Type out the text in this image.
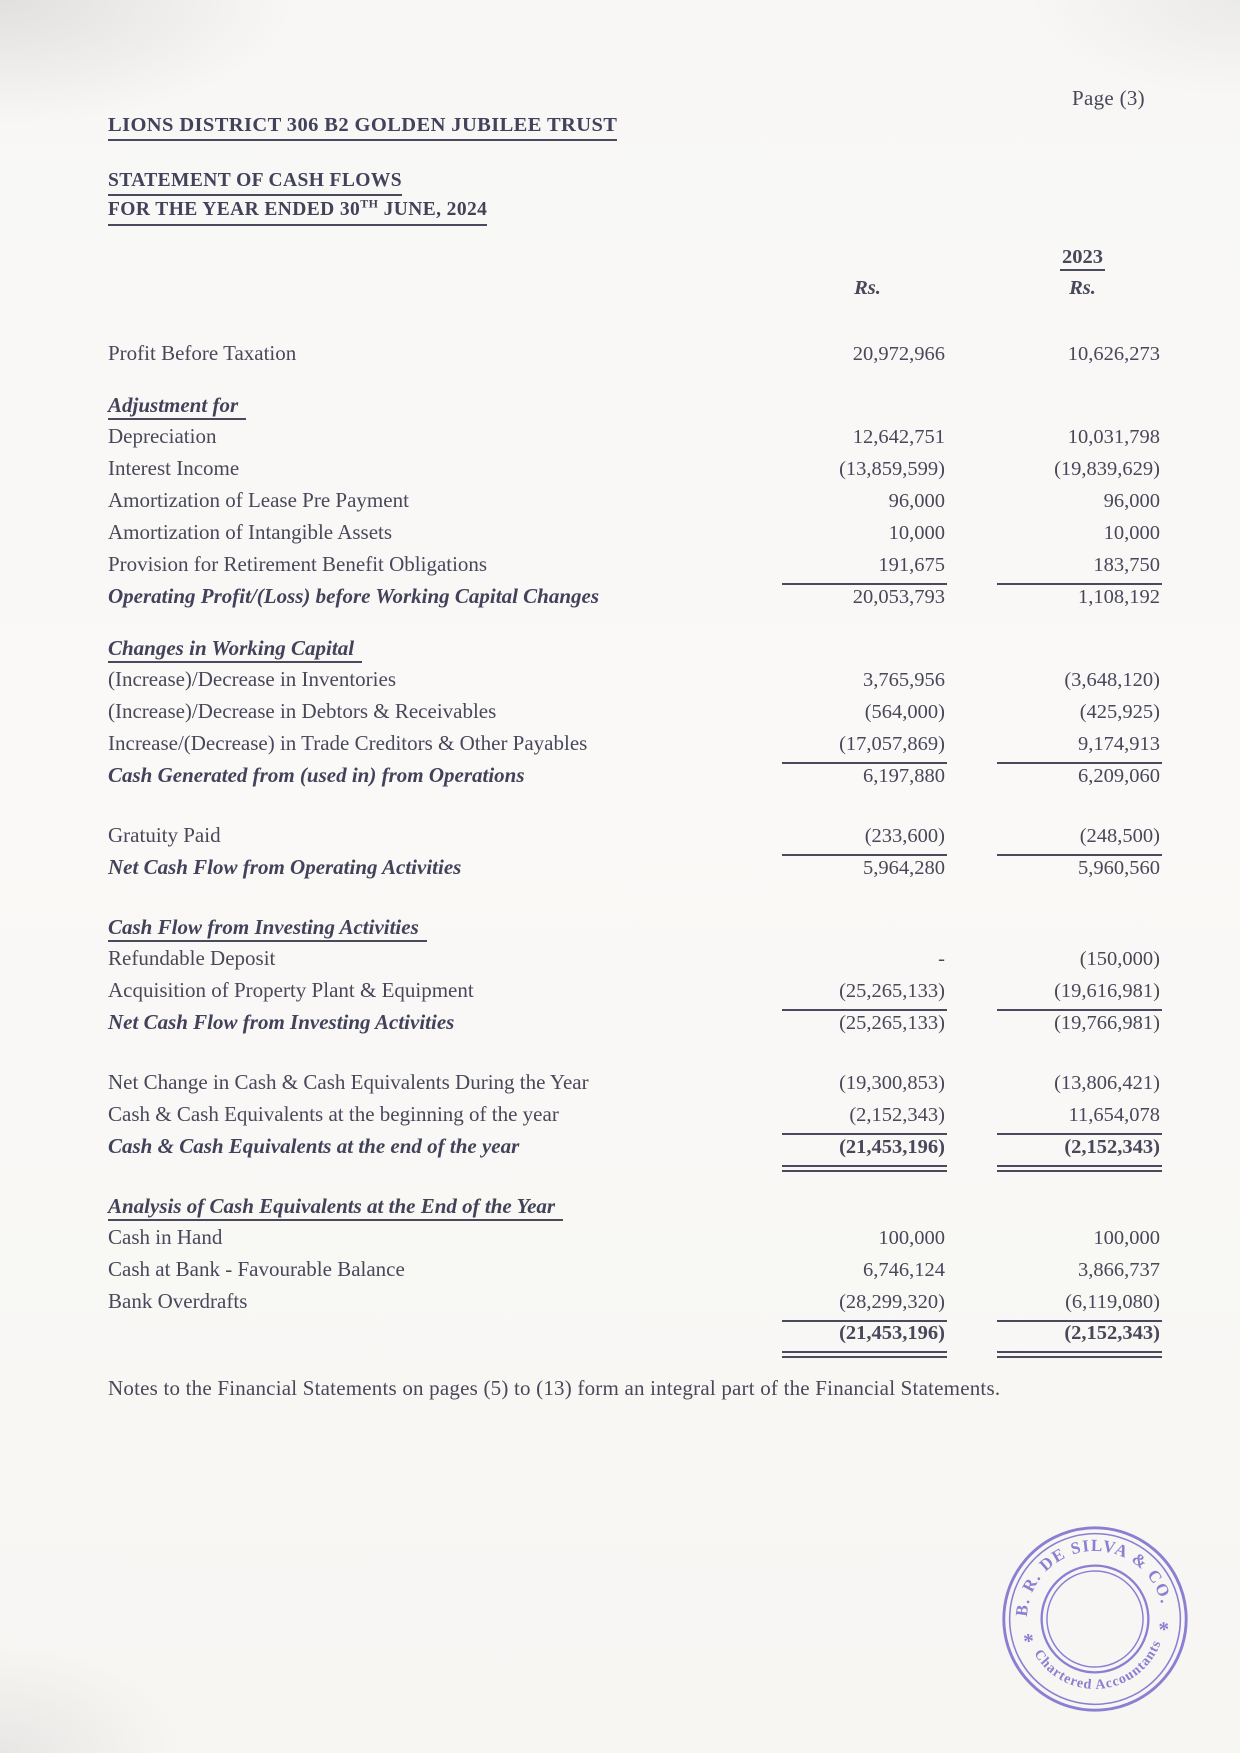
Page (3)
LIONS DISTRICT 306 B2 GOLDEN JUBILEE TRUST
STATEMENT OF CASH FLOWS
FOR THE YEAR ENDED 30TH JUNE, 2024
2023
Rs.	Rs.
Profit Before Taxation	20,972,966	10,626,273
Adjustment for
Depreciation	12,642,751	10,031,798
Interest Income	(13,859,599)	(19,839,629)
Amortization of Lease Pre Payment	96,000	96,000
Amortization of Intangible Assets	10,000	10,000
Provision for Retirement Benefit Obligations	191,675	183,750
Operating Profit/(Loss) before Working Capital Changes	20,053,793	1,108,192
Changes in Working Capital
(Increase)/Decrease in Inventories	3,765,956	(3,648,120)
(Increase)/Decrease in Debtors & Receivables	(564,000)	(425,925)
Increase/(Decrease) in Trade Creditors & Other Payables	(17,057,869)	9,174,913
Cash Generated from (used in) from Operations	6,197,880	6,209,060
Gratuity Paid	(233,600)	(248,500)
Net Cash Flow from Operating Activities	5,964,280	5,960,560
Cash Flow from Investing Activities
Refundable Deposit	-	(150,000)
Acquisition of Property Plant & Equipment	(25,265,133)	(19,616,981)
Net Cash Flow from Investing Activities	(25,265,133)	(19,766,981)
Net Change in Cash & Cash Equivalents During the Year	(19,300,853)	(13,806,421)
Cash & Cash Equivalents at the beginning of the year	(2,152,343)	11,654,078
Cash & Cash Equivalents at the end of the year	(21,453,196)	(2,152,343)
Analysis of Cash Equivalents at the End of the Year
Cash in Hand	100,000	100,000
Cash at Bank - Favourable Balance	6,746,124	3,866,737
Bank Overdrafts	(28,299,320)	(6,119,080)
(21,453,196)	(2,152,343)
Notes to the Financial Statements on pages (5) to (13) form an integral part of the Financial Statements.
B. R. DE SILVA & CO.
Chartered Accountants
*	*
